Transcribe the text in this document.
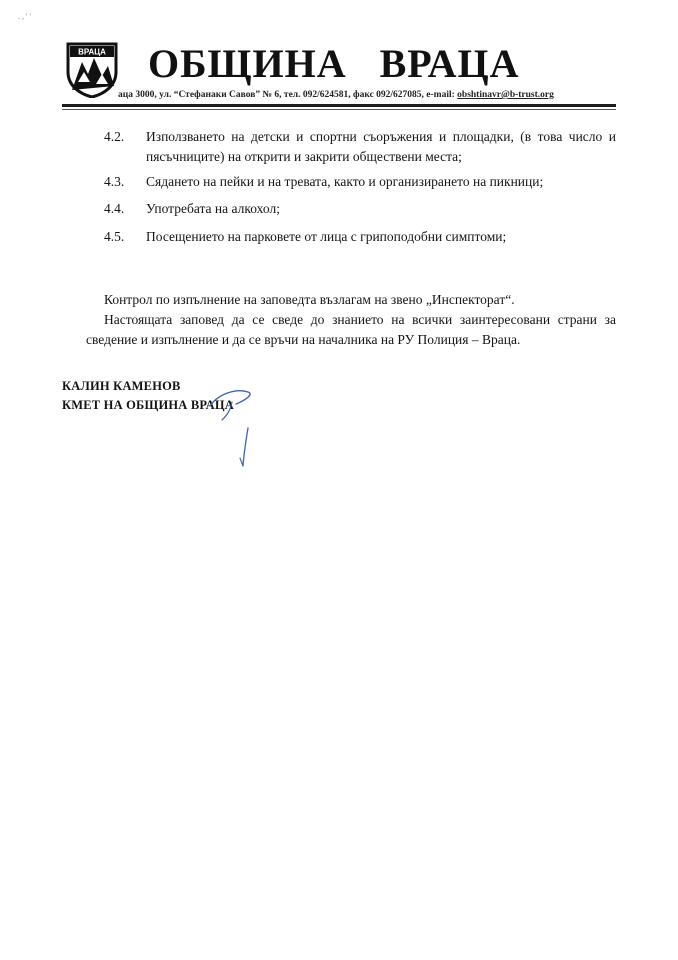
. , ' '
ВРАЦА ОБЩИНА   ВРАЦА
аца 3000, ул. “Стефанаки Савов” № 6, тел. 092/624581, факс 092/627085, e-mail: obshtinavr@b-trust.org
4.2. Използването на детски и спортни съоръжения и площадки, (в това число и пясъчниците) на открити и закрити обществени места;
4.3. Сядането на пейки и на тревата, както и организирането на пикници;
4.4. Употребата на алкохол;
4.5. Посещението на парковете от лица с грипоподобни симптоми;
Контрол по изпълнение на заповедта възлагам на звено „Инспекторат“.
Настоящата заповед да се сведе до знанието на всички заинтересовани страни за сведение и изпълнение и да се връчи на началника на РУ Полиция – Враца.
КАЛИН КАМЕНОВ
КМЕТ НА ОБЩИНА ВРАЦА
